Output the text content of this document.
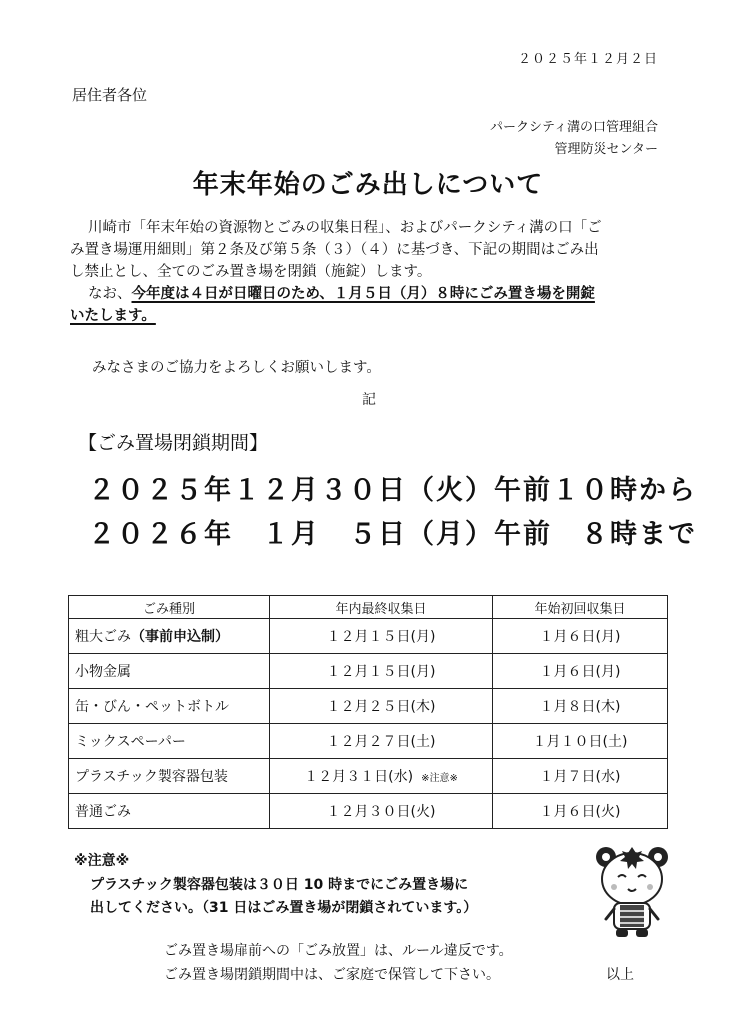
２０２５年１２月２日
居住者各位
パークシティ溝の口管理組合
管理防災センター
年末年始のごみ出しについて
川崎市「年末年始の資源物とごみの収集日程」、およびパークシティ溝の口「ご
み置き場運用細則」第２条及び第５条（３）（４）に基づき、下記の期間はごみ出
し禁止とし、全てのごみ置き場を閉鎖（施錠）します。
なお、今年度は４日が日曜日のため、１月５日（月）８時にごみ置き場を開錠
いたします。
みなさまのご協力をよろしくお願いします。
記
【ごみ置場閉鎖期間】
２０２５年１２月３０日（火）午前１０時から
２０２６年　１月　５日（月）午前　８時まで
ごみ種別	年内最終収集日	年始初回収集日
粗大ごみ（事前申込制）	１２月１５日(月)	１月６日(月)
小物金属	１２月１５日(月)	１月６日(月)
缶・びん・ペットボトル	１２月２５日(木)	１月８日(木)
ミックスペーパー	１２月２７日(土)	１月１０日(土)
プラスチック製容器包装	１２月３１日(水) ※注意※	１月７日(水)
普通ごみ	１２月３０日(火)	１月６日(火)
※注意※
プラスチック製容器包装は３０日 10 時までにごみ置き場に
出してください。（31 日はごみ置き場が閉鎖されています。）
ごみ置き場扉前への「ごみ放置」は、ルール違反です。
ごみ置き場閉鎖期間中は、ご家庭で保管して下さい。	以上
